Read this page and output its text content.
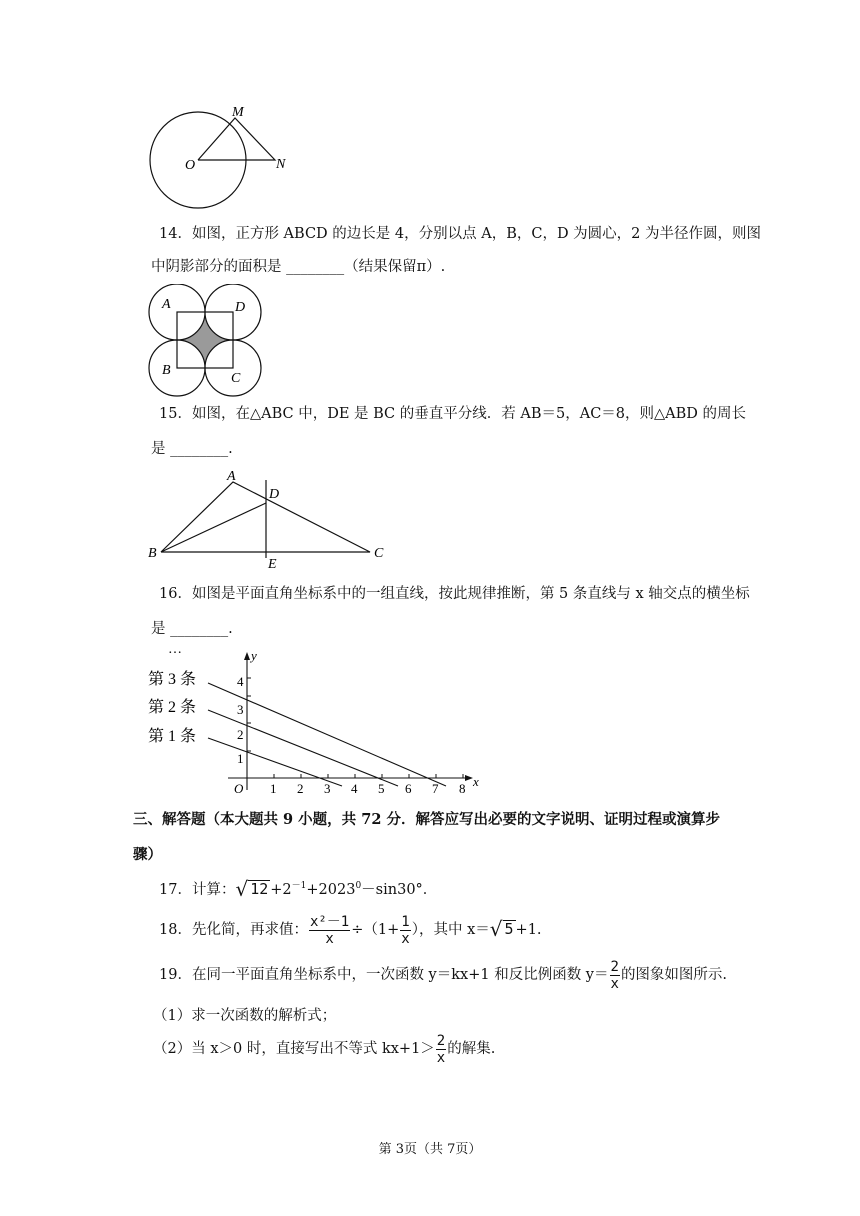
M
O	N
14．如图，正方形 ABCD 的边长是 4，分别以点 A，B，C，D 为圆心，2 为半径作圆，则图
中阴影部分的面积是 ________（结果保留π）.
A	D
B
C
15．如图，在△ABC 中，DE 是 BC 的垂直平分线．若 AB＝5，AC＝8，则△ABD 的周长
是 ________.
A
D
B	C
E
16．如图是平面直角坐标系中的一组直线，按此规律推断，第 5 条直线与 x 轴交点的横坐标
是 ________.
…
第 3 条
第 2 条
第 1 条
x
y
O 1 2 3 4 5 6 7 8
1
2
3
4
三、解答题（本大题共 9 小题，共 72 分．解答应写出必要的文字说明、证明过程或演算步
骤）
17．计算：√ $12 +2^{-1}+2023^0-\sin 30^\circ$．
18．先化简，再求值： $\frac{\text{x²－1}}{x} \div(1+ \frac{1}{x}$ ），其中 x＝√ 5 +1.
19．在同一平面直角坐标系中，一次函数 y＝kx+1 和反比例函数 $y= \frac{2}{x}$ 的图象如图所示.
（1）求一次函数的解析式；
（2）当 x＞0 时，直接写出不等式 $kx+1> \frac{2}{x}$ 的解集.
第 3页（共 7页）
